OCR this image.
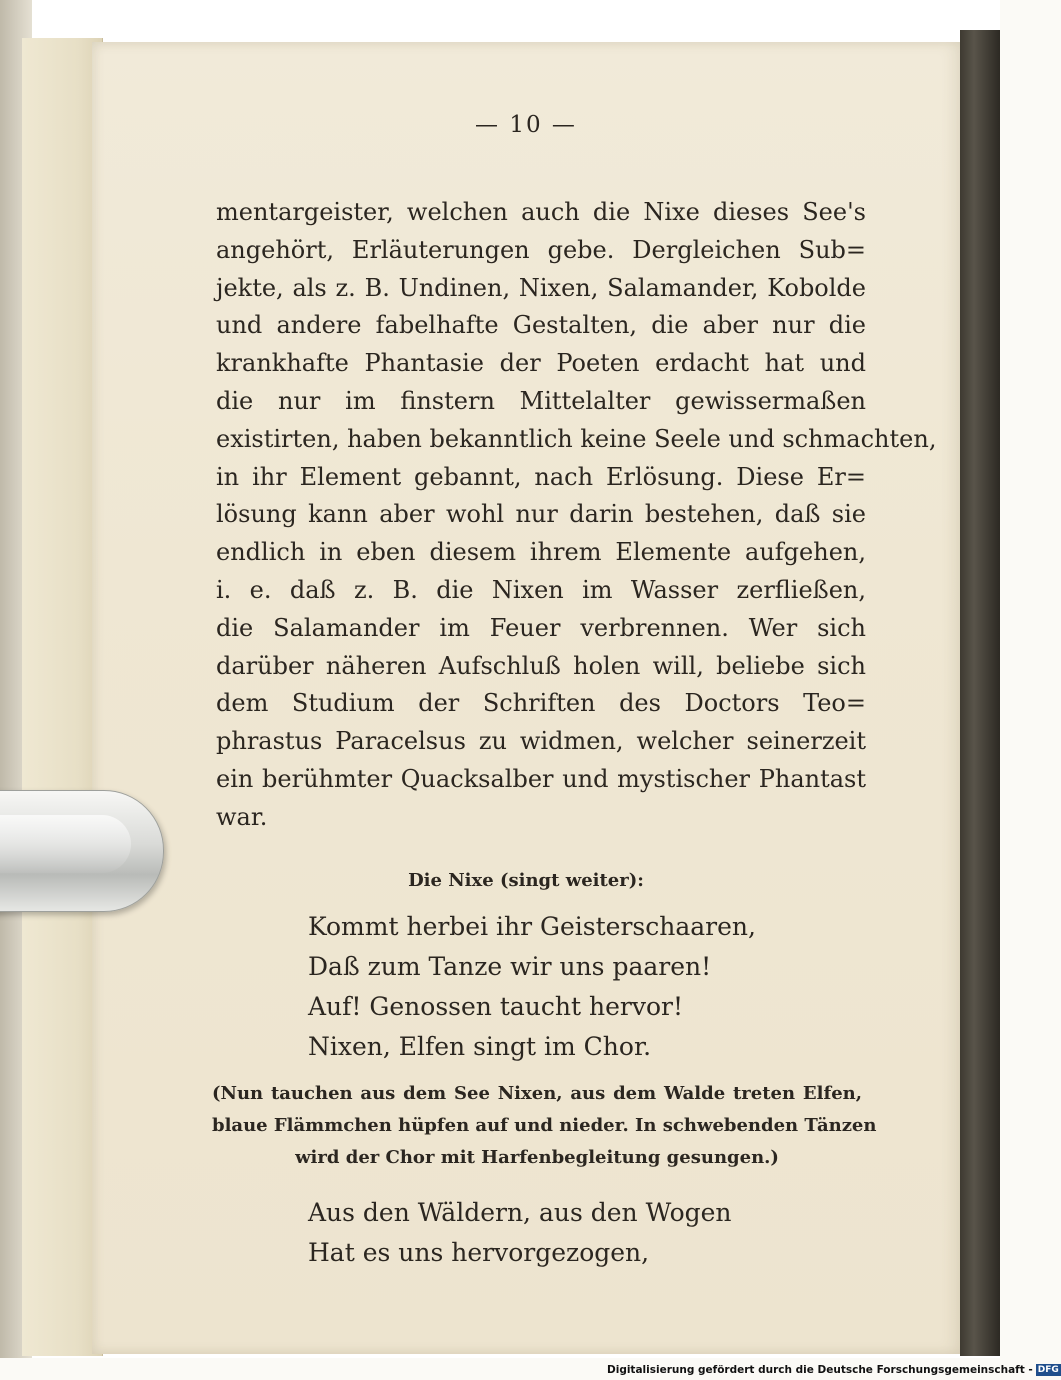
— 10 —
mentargeister, welchen auch die Nixe dieses See's
angehört, Erläuterungen gebe. Dergleichen Sub=
jekte, als z. B. Undinen, Nixen, Salamander, Kobolde
und andere fabelhafte Gestalten, die aber nur die
krankhafte Phantasie der Poeten erdacht hat und
die nur im finstern Mittelalter gewissermaßen
existirten, haben bekanntlich keine Seele und schmachten,
in ihr Element gebannt, nach Erlösung. Diese Er=
lösung kann aber wohl nur darin bestehen, daß sie
endlich in eben diesem ihrem Elemente aufgehen,
i. e. daß z. B. die Nixen im Wasser zerfließen,
die Salamander im Feuer verbrennen. Wer sich
darüber näheren Aufschluß holen will, beliebe sich
dem Studium der Schriften des Doctors Teo=
phrastus Paracelsus zu widmen, welcher seinerzeit
ein berühmter Quacksalber und mystischer Phantast
war.
Die Nixe (singt weiter):
Kommt herbei ihr Geisterschaaren,
Daß zum Tanze wir uns paaren!
Auf! Genossen taucht hervor!
Nixen, Elfen singt im Chor.
(Nun tauchen aus dem See Nixen, aus dem Walde treten Elfen,
blaue Flämmchen hüpfen auf und nieder. In schwebenden Tänzen
wird der Chor mit Harfenbegleitung gesungen.)
Aus den Wäldern, aus den Wogen
Hat es uns hervorgezogen,
Digitalisierung gefördert durch die Deutsche Forschungsgemeinschaft - DFG
